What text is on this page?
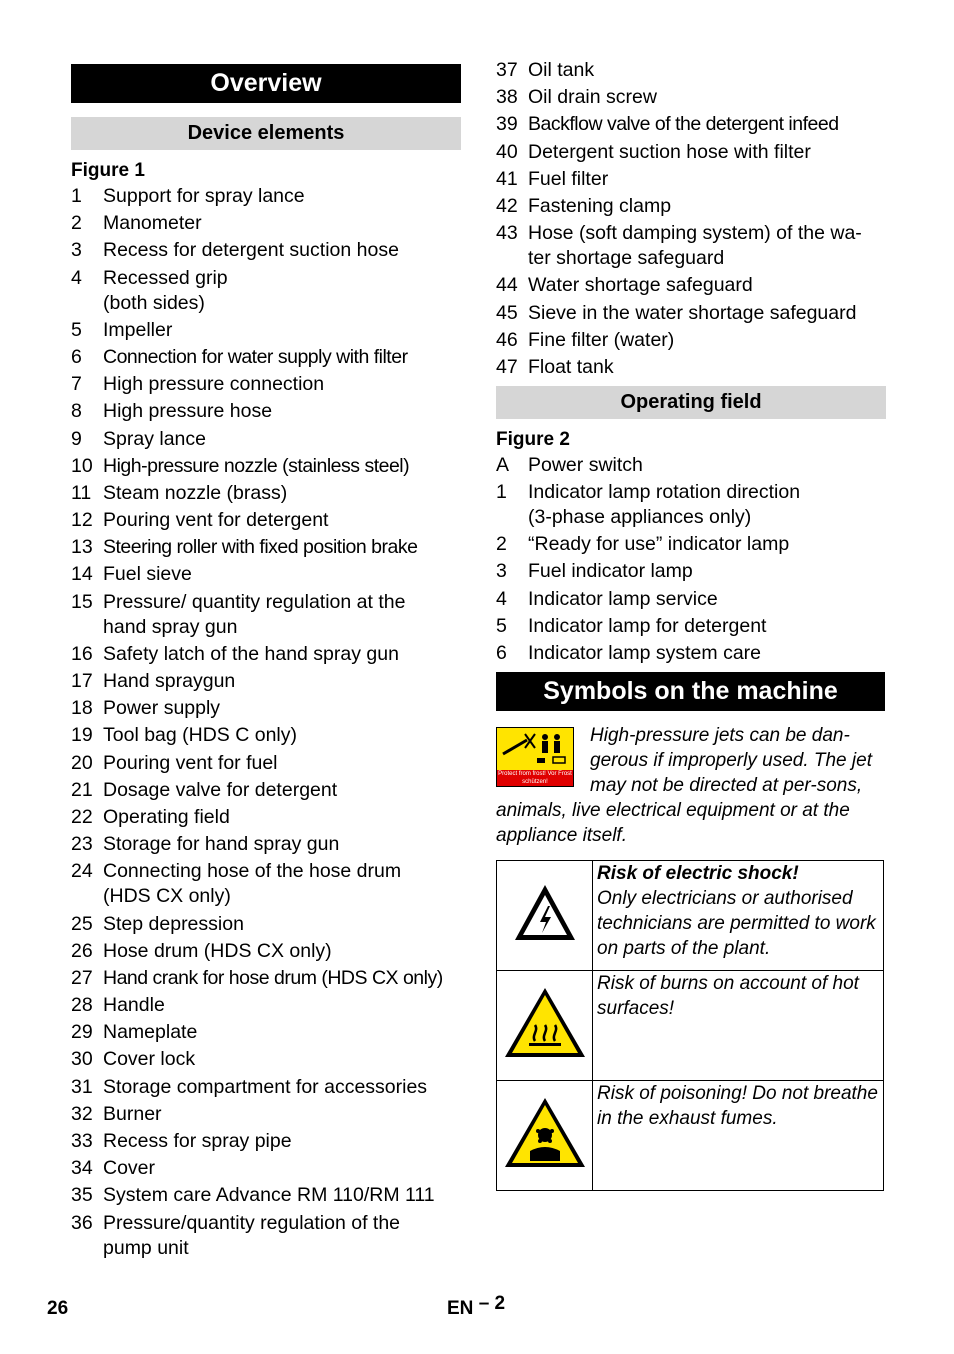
Overview
Device elements
Figure 1
1	Support for spray lance
2	Manometer
3	Recess for detergent suction hose
4	Recessed grip
(both sides)
5	Impeller
6	Connection for water supply with filter
7	High pressure connection
8	High pressure hose
9	Spray lance
10 High-pressure nozzle (stainless steel)
11 Steam nozzle (brass)
12 Pouring vent for detergent
13 Steering roller with fixed position brake
14 Fuel sieve
15 Pressure/ quantity regulation at the
hand spray gun
16 Safety latch of the hand spray gun
17 Hand spraygun
18 Power supply
19 Tool bag (HDS C only)
20 Pouring vent for fuel
21 Dosage valve for detergent
22 Operating field
23 Storage for hand spray gun
24 Connecting hose of the hose drum
(HDS CX only)
25 Step depression
26 Hose drum (HDS CX only)
27 Hand crank for hose drum (HDS CX only)
28 Handle
29 Nameplate
30 Cover lock
31 Storage compartment for accessories
32 Burner
33 Recess for spray pipe
34 Cover
35 System care Advance RM 110/RM 111
36 Pressure/quantity regulation of the
pump unit
37 Oil tank
38 Oil drain screw
39 Backflow valve of the detergent infeed
40 Detergent suction hose with filter
41 Fuel filter
42 Fastening clamp
43 Hose (soft damping system) of the wa-
ter shortage safeguard
44 Water shortage safeguard
45 Sieve in the water shortage safeguard
46 Fine filter (water)
47 Float tank
Operating field
Figure 2
A Power switch
1	Indicator lamp rotation direction
(3-phase appliances only)
2	“Ready for use” indicator lamp
3	Fuel indicator lamp
4	Indicator lamp service
5	Indicator lamp for detergent
6	Indicator lamp system care
Symbols on the machine
Protect from frost! Vor Frost schützen!
High-pressure jets can be dan-gerous if improperly used. The jet may not be directed at per-sons, animals, live electrical equipment or at the appliance itself.

Risk of electric shock!
Only electricians or authorised technicians are permitted to work on parts of the plant.
	Risk of burns on account of hot surfaces!
	Risk of poisoning! Do not breathe in the exhaust fumes.
26	EN – 2
